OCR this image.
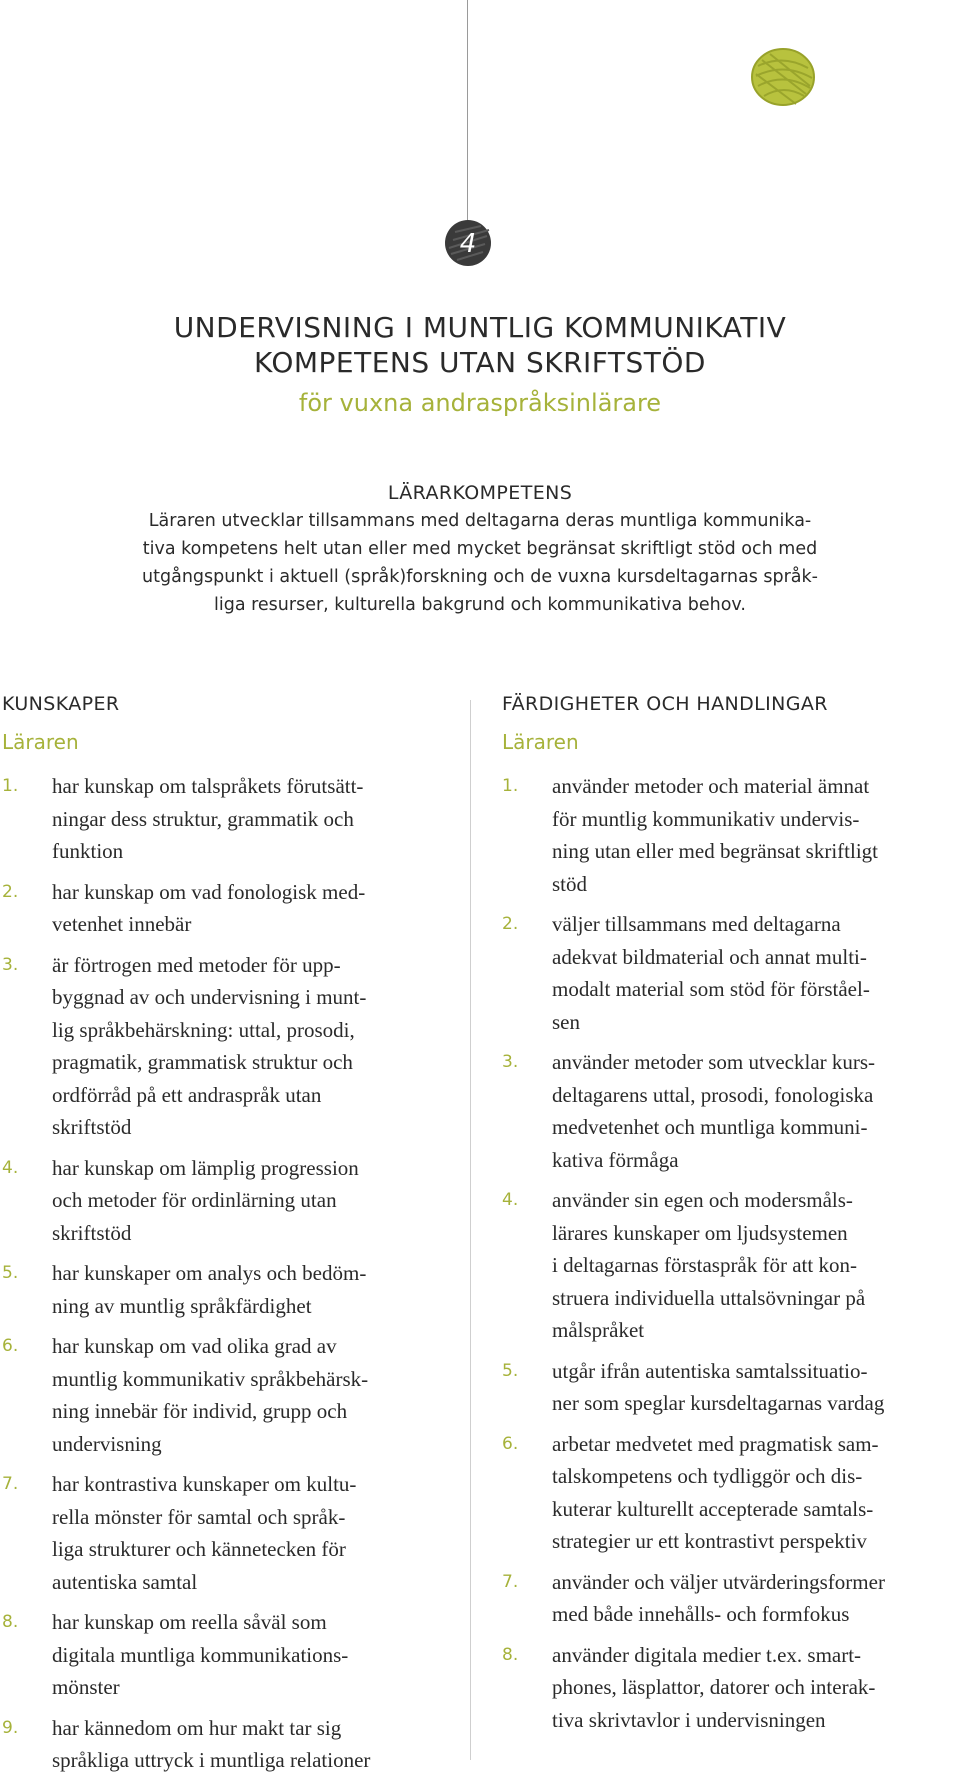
4
UNDERVISNING I MUNTLIG KOMMUNIKATIV
KOMPETENS UTAN SKRIFTSTÖD
för vuxna andraspråksinlärare
LÄRARKOMPETENS
Läraren utvecklar tillsammans med deltagarna deras muntliga kommunika-
tiva kompetens helt utan eller med mycket begränsat skriftligt stöd och med
utgångspunkt i aktuell (språk)forskning och de vuxna kursdeltagarnas språk-
liga resurser, kulturella bakgrund och kommunikativa behov.
KUNSKAPER
Läraren
1. har kunskap om talspråkets förutsätt-
ningar dess struktur, grammatik och
funktion
2. har kunskap om vad fonologisk med-
vetenhet innebär
3. är förtrogen med metoder för upp-
byggnad av och undervisning i munt-
lig språkbehärskning: uttal, prosodi,
pragmatik, grammatisk struktur och
ordförråd på ett andraspråk utan
skriftstöd
4. har kunskap om lämplig progression
och metoder för ordinlärning utan
skriftstöd
5. har kunskaper om analys och bedöm-
ning av muntlig språkfärdighet
6. har kunskap om vad olika grad av
muntlig kommunikativ språkbehärsk-
ning innebär för individ, grupp och
undervisning
7. har kontrastiva kunskaper om kultu-
rella mönster för samtal och språk-
liga strukturer och kännetecken för
autentiska samtal
8. har kunskap om reella såväl som
digitala muntliga kommunikations-
mönster
9. har kännedom om hur makt tar sig
språkliga uttryck i muntliga relationer
FÄRDIGHETER OCH HANDLINGAR
Läraren
1. använder metoder och material ämnat
för muntlig kommunikativ undervis-
ning utan eller med begränsat skriftligt
stöd
2. väljer tillsammans med deltagarna
adekvat bildmaterial och annat multi-
modalt material som stöd för förståel-
sen
3. använder metoder som utvecklar kurs-
deltagarens uttal, prosodi, fonologiska
medvetenhet och muntliga kommuni-
kativa förmåga
4. använder sin egen och modersmåls-
lärares kunskaper om ljudsystemen
i deltagarnas förstaspråk för att kon-
struera individuella uttalsövningar på
målspråket
5. utgår ifrån autentiska samtalssituatio-
ner som speglar kursdeltagarnas vardag
6. arbetar medvetet med pragmatisk sam-
talskompetens och tydliggör och dis-
kuterar kulturellt accepterade samtals-
strategier ur ett kontrastivt perspektiv
7. använder och väljer utvärderingsformer
med både innehålls- och formfokus
8. använder digitala medier t.ex. smart-
phones, läsplattor, datorer och interak-
tiva skrivtavlor i undervisningen
